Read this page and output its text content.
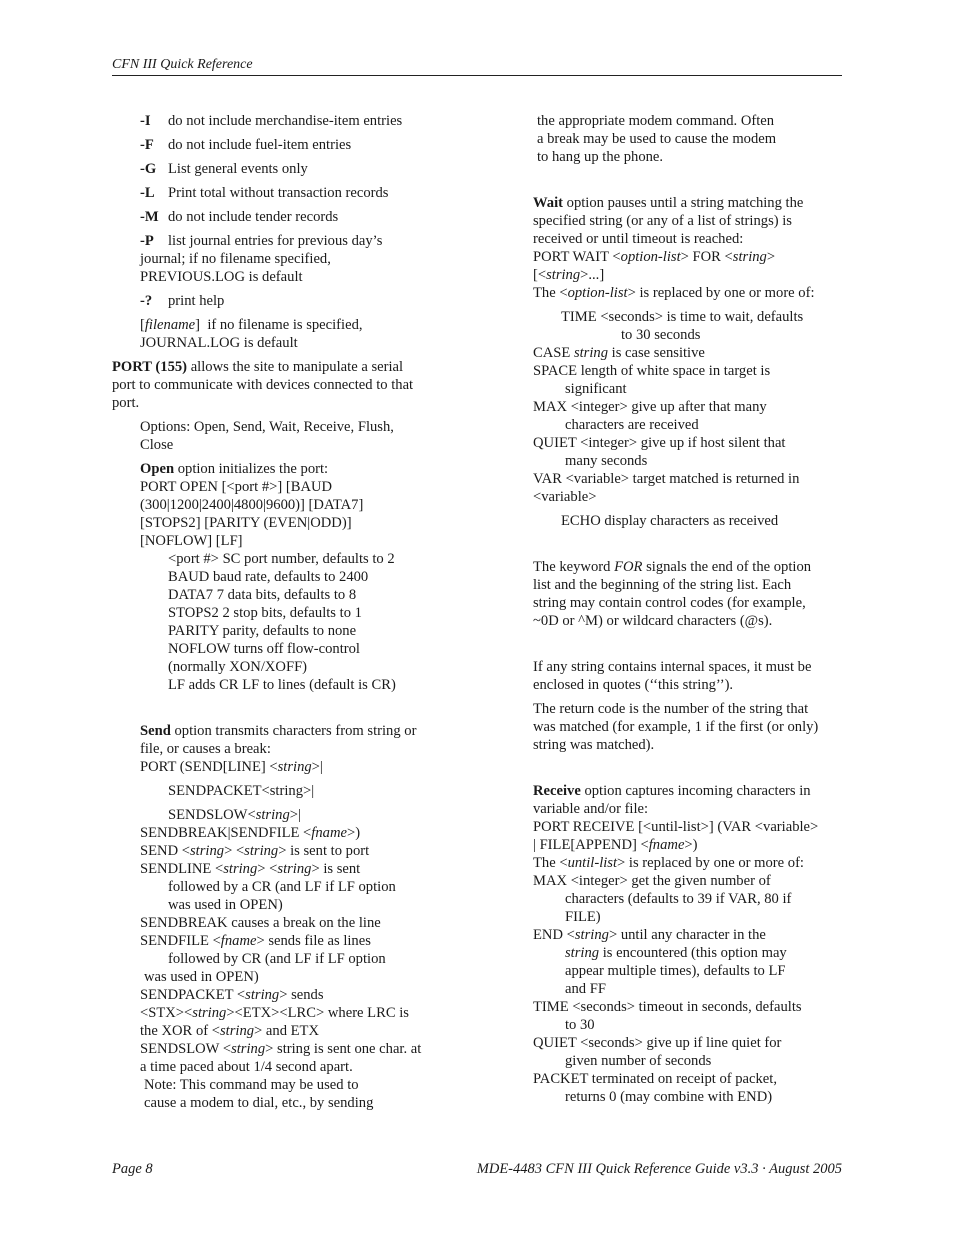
CFN III Quick Reference

-I do not include merchandise-item entries

-F do not include fuel-item entries

-G List general events only

-L Print total without transaction records

-M do not include tender records

-P list journal entries for previous day’s

journal; if no filename specified,

PREVIOUS.LOG is default

-? print help

[filename] if no filename is specified,

JOURNAL.LOG is default

PORT (155) allows the site to manipulate a serial

port to communicate with devices connected to that

port.

Options: Open, Send, Wait, Receive, Flush,

Close

Open option initializes the port:

PORT OPEN [<port #>] [BAUD

(300|1200|2400|4800|9600)] [DATA7]

[STOPS2] [PARITY (EVEN|ODD)]

[NOFLOW] [LF]

<port #> SC port number, defaults to 2

BAUD baud rate, defaults to 2400

DATA7 7 data bits, defaults to 8

STOPS2 2 stop bits, defaults to 1

PARITY parity, defaults to none

NOFLOW turns off flow-control

(normally XON/XOFF)

LF adds CR LF to lines (default is CR)

Send option transmits characters from string or

file, or causes a break:

PORT (SEND[LINE] <string>|

SENDPACKET<string>|

SENDSLOW<string>|

SENDBREAK|SENDFILE <fname>)

SEND <string> <string> is sent to port

SENDLINE <string> <string> is sent

followed by a CR (and LF if LF option

was used in OPEN)

SENDBREAK causes a break on the line

SENDFILE <fname> sends file as lines

followed by CR (and LF if LF option

was used in OPEN)

SENDPACKET <string> sends

<STX><string><ETX><LRC> where LRC is

the XOR of <string> and ETX

SENDSLOW <string> string is sent one char. at

a time paced about 1/4 second apart.

Note: This command may be used to

cause a modem to dial, etc., by sending

the appropriate modem command. Often

a break may be used to cause the modem

to hang up the phone.

Wait option pauses until a string matching the

specified string (or any of a list of strings) is

received or until timeout is reached:

PORT WAIT <option-list> FOR <string>

[<string>...]

The <option-list> is replaced by one or more of:

TIME <seconds> is time to wait, defaults

to 30 seconds

CASE string is case sensitive

SPACE length of white space in target is

significant

MAX <integer> give up after that many

characters are received

QUIET <integer> give up if host silent that

many seconds

VAR <variable> target matched is returned in

<variable>

ECHO display characters as received

The keyword FOR signals the end of the option

list and the beginning of the string list. Each

string may contain control codes (for example,

~0D or ^M) or wildcard characters (@s).

If any string contains internal spaces, it must be

enclosed in quotes (‘‘this string’’).

The return code is the number of the string that

was matched (for example, 1 if the first (or only)

string was matched).

Receive option captures incoming characters in

variable and/or file:

PORT RECEIVE [<until-list>] (VAR <variable>

| FILE[APPEND] <fname>)

The <until-list> is replaced by one or more of:

MAX <integer> get the given number of

characters (defaults to 39 if VAR, 80 if

FILE)

END <string> until any character in the

string is encountered (this option may

appear multiple times), defaults to LF

and FF

TIME <seconds> timeout in seconds, defaults

to 30

QUIET <seconds> give up if line quiet for

given number of seconds

PACKET terminated on receipt of packet,

returns 0 (may combine with END)

Page 8	MDE-4483 CFN III Quick Reference Guide v3.3 · August 2005
